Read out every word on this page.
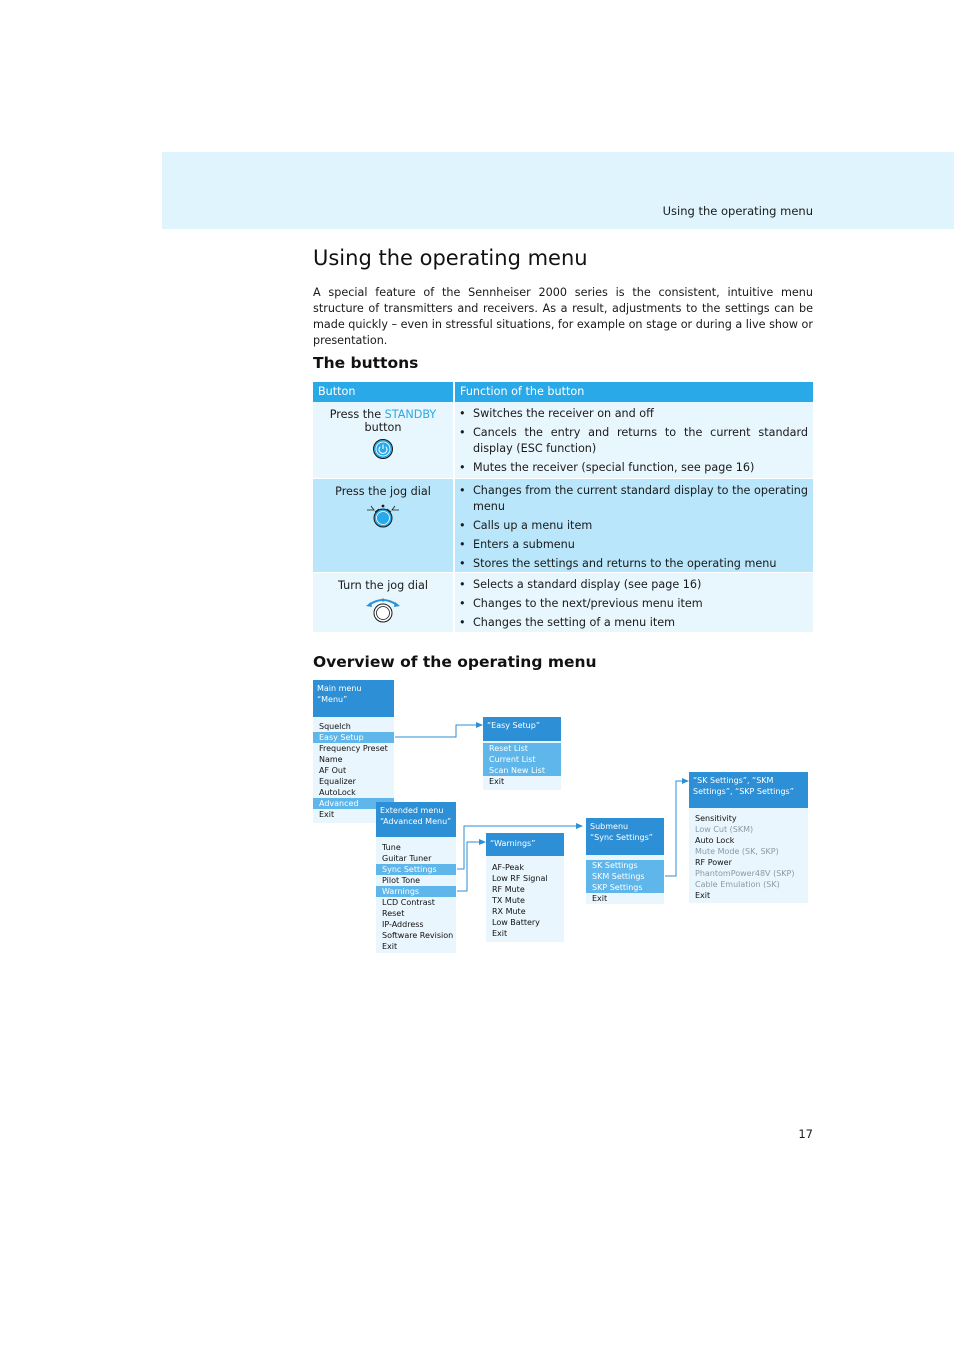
Using the operating menu
Using the operating menu

A special feature of the Sennheiser 2000 series is the consistent, intuitive menu structure of transmitters and receivers. As a result, adjustments to the settings can be made quickly – even in stressful situations, for example on stage or during a live show or presentation.

The buttons
Button	Function of the button
Press the STANDBY
button
• Switches the receiver on and off
• Cancels the entry and returns to the current standard display (ESC function)
• Mutes the receiver (special function, see page 16)
Press the jog dial	• Changes from the current standard display to the operating menu
• Calls up a menu item
• Enters a submenu
• Stores the settings and returns to the operating menu
Turn the jog dial	• Selects a standard display (see page 16)
• Changes to the next/previous menu item
• Changes the setting of a menu item
Overview of the operating menu
Main menu
“Menu”
Squelch
Easy Setup
Frequency Preset
Name
AF Out
Equalizer
AutoLock
Advanced
Exit
“Easy Setup”
Reset List
Current List
Scan New List
Exit
Extended menu
“Advanced Menu”
Tune
Guitar Tuner
Sync Settings
Pilot Tone
Warnings
LCD Contrast
Reset
IP-Address
Software Revision
Exit
“Warnings”
AF-Peak
Low RF Signal
RF Mute
TX Mute
RX Mute
Low Battery
Exit
Submenu
“Sync Settings”
SK Settings
SKM Settings
SKP Settings
Exit
“SK Settings”, “SKM
Settings”, “SKP Settings”
Sensitivity
Low Cut (SKM)
Auto Lock
Mute Mode (SK, SKP)
RF Power
PhantomPower48V (SKP)
Cable Emulation (SK)
Exit
17
